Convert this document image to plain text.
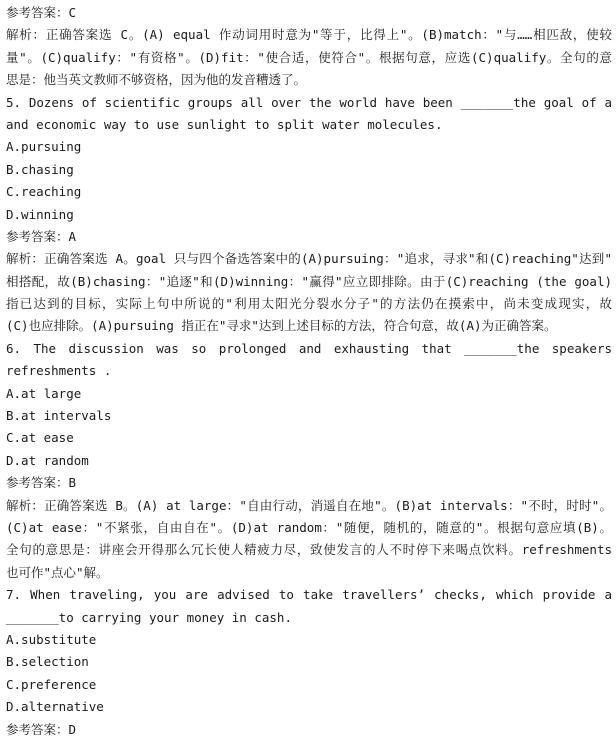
参考答案：C
解析：正确答案选 C。(A) equal 作动词用时意为"等于，比得上"。(B)match："与……相匹敌，使较
量"。(C)qualify："有资格"。(D)fit："使合适，使符合"。根据句意，应选(C)qualify。全句的意
思是：他当英文教师不够资格，因为他的发音糟透了。
5. Dozens of scientific groups all over the world have been _______the goal of a
and economic way to use sunlight to split water molecules.
A.pursuing
B.chasing
C.reaching
D.winning
参考答案：A
解析：正确答案选 A。goal 只与四个备选答案中的(A)pursuing："追求，寻求"和(C)reaching"达到"
相搭配，故(B)chasing："追逐"和(D)winning："赢得"应立即排除。由于(C)reaching (the goal)
指已达到的目标，实际上句中所说的"利用太阳光分裂水分子"的方法仍在摸索中，尚未变成现实，故
(C)也应排除。(A)pursuing 指正在"寻求"达到上述目标的方法，符合句意，故(A)为正确答案。
6. The discussion was so prolonged and exhausting that _______the speakers
refreshments .
A.at large
B.at intervals
C.at ease
D.at random
参考答案：B
解析：正确答案选 B。(A) at large："自由行动，消遥自在地"。(B)at intervals："不时，时时"。
(C)at ease："不紧张，自由自在"。(D)at random："随便，随机的，随意的"。根据句意应填(B)。
全句的意思是：讲座会开得那么冗长使人精疲力尽，致使发言的人不时停下来喝点饮料。refreshments
也可作"点心"解。
7. When traveling, you are advised to take travellers’ checks, which provide a
_______to carrying your money in cash.
A.substitute
B.selection
C.preference
D.alternative
参考答案：D
